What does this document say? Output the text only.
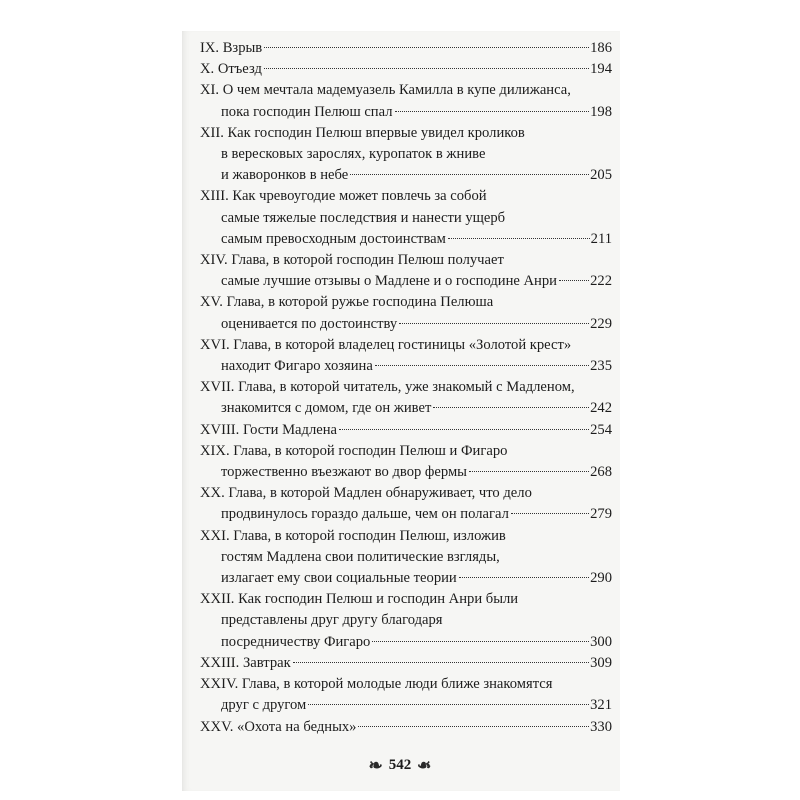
IX. Взрыв	186
X. Отъезд	194
XI. О чем мечтала мадемуазель Камилла в купе дилижанса,
пока господин Пелюш спал	198
XII. Как господин Пелюш впервые увидел кроликов
в вересковых зарослях, куропаток в жниве
и жаворонков в небе	205
XIII. Как чревоугодие может повлечь за собой
самые тяжелые последствия и нанести ущерб
самым превосходным достоинствам	211
XIV. Глава, в которой господин Пелюш получает
самые лучшие отзывы о Мадлене и о господине Анри 222
XV. Глава, в которой ружье господина Пелюша
оценивается по достоинству	229
XVI. Глава, в которой владелец гостиницы «Золотой крест»
находит Фигаро хозяина	235
XVII. Глава, в которой читатель, уже знакомый с Мадленом,
знакомится с домом, где он живет	242
XVIII. Гости Мадлена	254
XIX. Глава, в которой господин Пелюш и Фигаро
торжественно въезжают во двор фермы	268
XX. Глава, в которой Мадлен обнаруживает, что дело
продвинулось гораздо дальше, чем он полагал	279
XXI. Глава, в которой господин Пелюш, изложив
гостям Мадлена свои политические взгляды,
излагает ему свои социальные теории	290
XXII. Как господин Пелюш и господин Анри были
представлены друг другу благодаря
посредничеству Фигаро	300
XXIII. Завтрак	309
XXIV. Глава, в которой молодые люди ближе знакомятся
друг с другом	321
XXV. «Охота на бедных»	330
❧ 542 ❧
